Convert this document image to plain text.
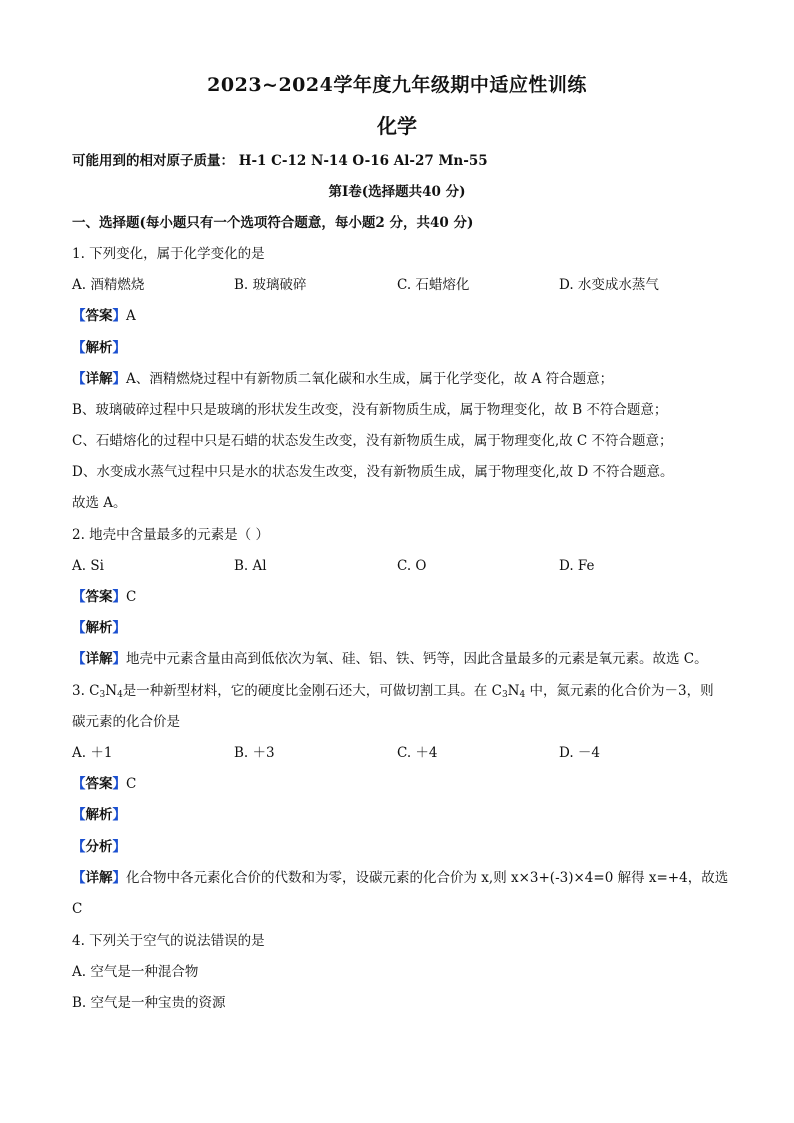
2023~2024学年度九年级期中适应性训练
化学
可能用到的相对原子质量： H-1 C-12 N-14 O-16 Al-27 Mn-55
第I卷(选择题共40 分)
一、选择题(每小题只有一个选项符合题意，每小题2 分，共40 分)
1. 下列变化，属于化学变化的是
A. 酒精燃烧	B. 玻璃破碎	C. 石蜡熔化	D. 水变成水蒸气
【答案】A
【解析】
【详解】A、酒精燃烧过程中有新物质二氧化碳和水生成，属于化学变化，故 A 符合题意；
B、玻璃破碎过程中只是玻璃的形状发生改变，没有新物质生成，属于物理变化，故 B 不符合题意；
C、石蜡熔化的过程中只是石蜡的状态发生改变，没有新物质生成，属于物理变化,故 C 不符合题意；
D、水变成水蒸气过程中只是水的状态发生改变，没有新物质生成，属于物理变化,故 D 不符合题意。
故选 A。
2. 地壳中含量最多的元素是（ ）
A. Si	B. Al	C. O	D. Fe
【答案】C
【解析】
【详解】地壳中元素含量由高到低依次为氧、硅、铝、铁、钙等，因此含量最多的元素是氧元素。故选 C。
3. $C_3N_4$是一种新型材料，它的硬度比金刚石还大，可做切割工具。在 $C_3N_4$ 中，氮元素的化合价为－3，则
碳元素的化合价是
A. ＋1	B. ＋3	C. ＋4	D. －4
【答案】C
【解析】
【分析】
【详解】化合物中各元素化合价的代数和为零，设碳元素的化合价为 x,则 x×3+(-3)×4=0 解得 x=+4，故选
C
4. 下列关于空气的说法错误的是
A. 空气是一种混合物
B. 空气是一种宝贵的资源
